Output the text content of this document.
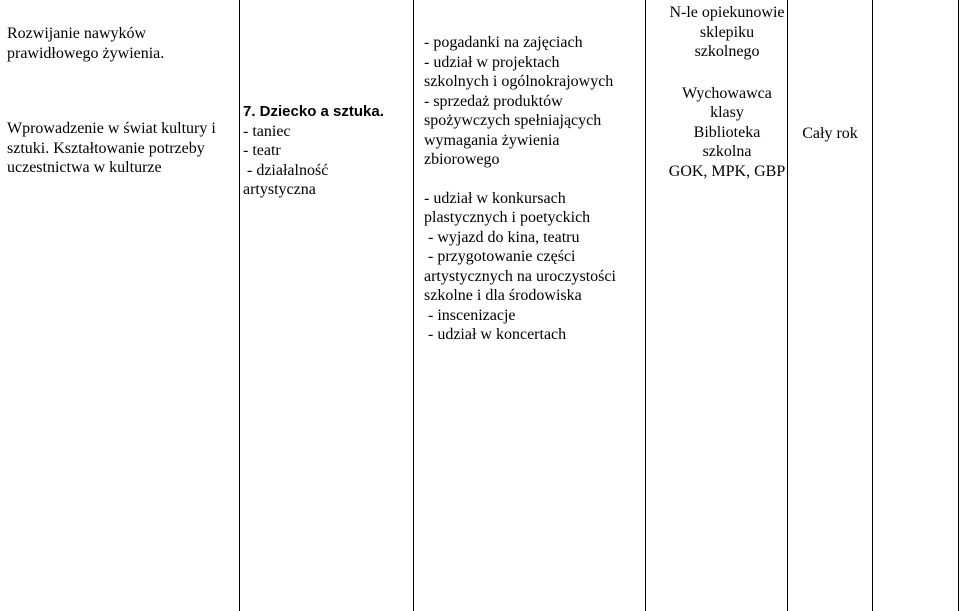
Rozwijanie nawyków
prawidłowego żywienia.
Wprowadzenie w świat kultury i
sztuki. Kształtowanie potrzeby
uczestnictwa w kulturze
7. Dziecko a sztuka.
- taniec
- teatr
- działalność
artystyczna
- pogadanki na zajęciach
- udział w projektach
szkolnych i ogólnokrajowych
- sprzedaż produktów
spożywczych spełniających
wymagania żywienia
zbiorowego
- udział w konkursach
plastycznych i poetyckich
- wyjazd do kina, teatru
- przygotowanie części
artystycznych na uroczystości
szkolne i dla środowiska
- inscenizacje
- udział w koncertach
N-le opiekunowie
sklepiku
szkolnego
Wychowawca
klasy
Biblioteka
szkolna
GOK, MPK, GBP
Cały rok
